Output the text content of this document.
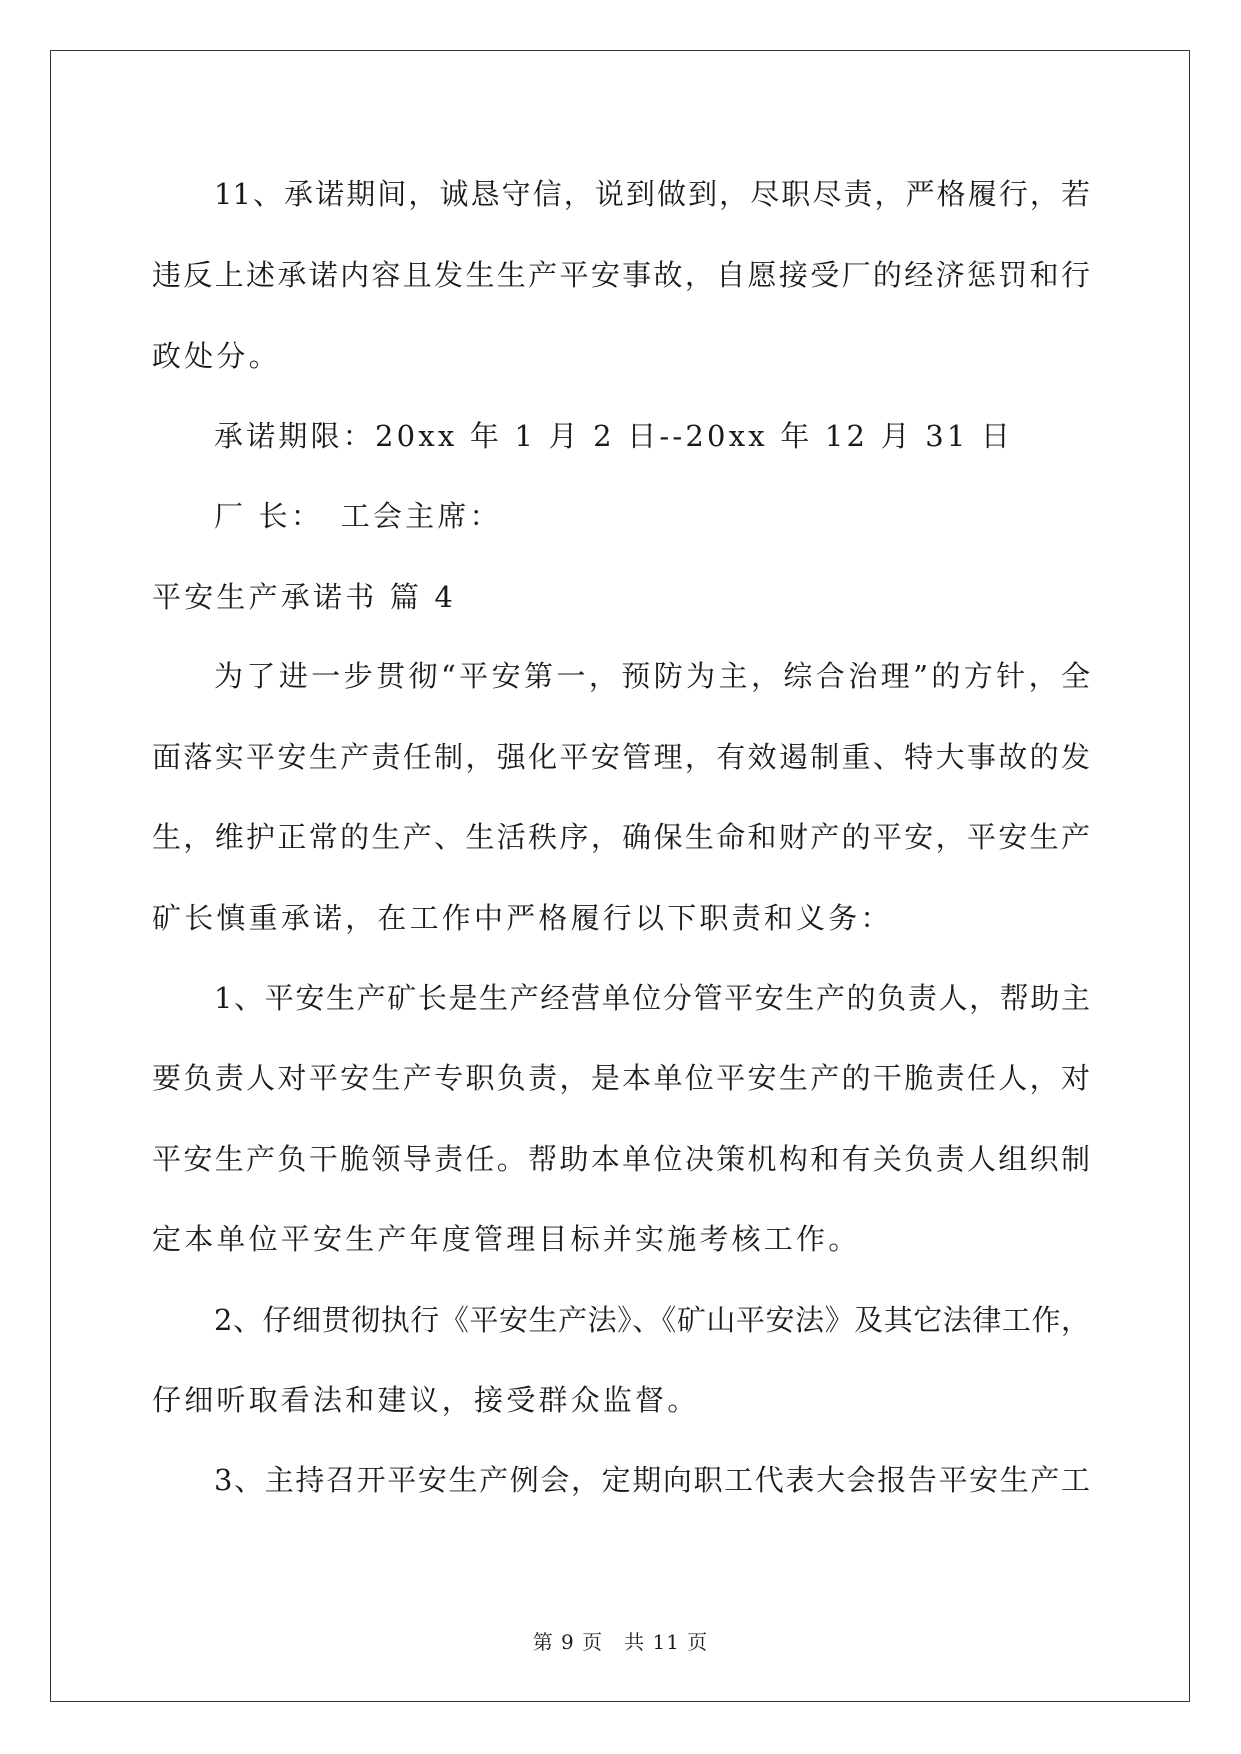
11、承诺期间，诚恳守信，说到做到，尽职尽责，严格履行，若
违反上述承诺内容且发生生产平安事故，自愿接受厂的经济惩罚和行
政处分。
承诺期限：20xx 年 1 月 2 日--20xx 年 12 月 31 日
厂 长：　工会主席：
平安生产承诺书 篇 4
为了进一步贯彻“平安第一，预防为主，综合治理”的方针，全
面落实平安生产责任制，强化平安管理，有效遏制重、特大事故的发
生，维护正常的生产、生活秩序，确保生命和财产的平安，平安生产
矿长慎重承诺，在工作中严格履行以下职责和义务：
1、平安生产矿长是生产经营单位分管平安生产的负责人，帮助主
要负责人对平安生产专职负责，是本单位平安生产的干脆责任人，对
平安生产负干脆领导责任。帮助本单位决策机构和有关负责人组织制
定本单位平安生产年度管理目标并实施考核工作。
2、仔细贯彻执行《平安生产法》、《矿山平安法》及其它法律工作，
仔细听取看法和建议，接受群众监督。
3、主持召开平安生产例会，定期向职工代表大会报告平安生产工
第 9 页　共 11 页
